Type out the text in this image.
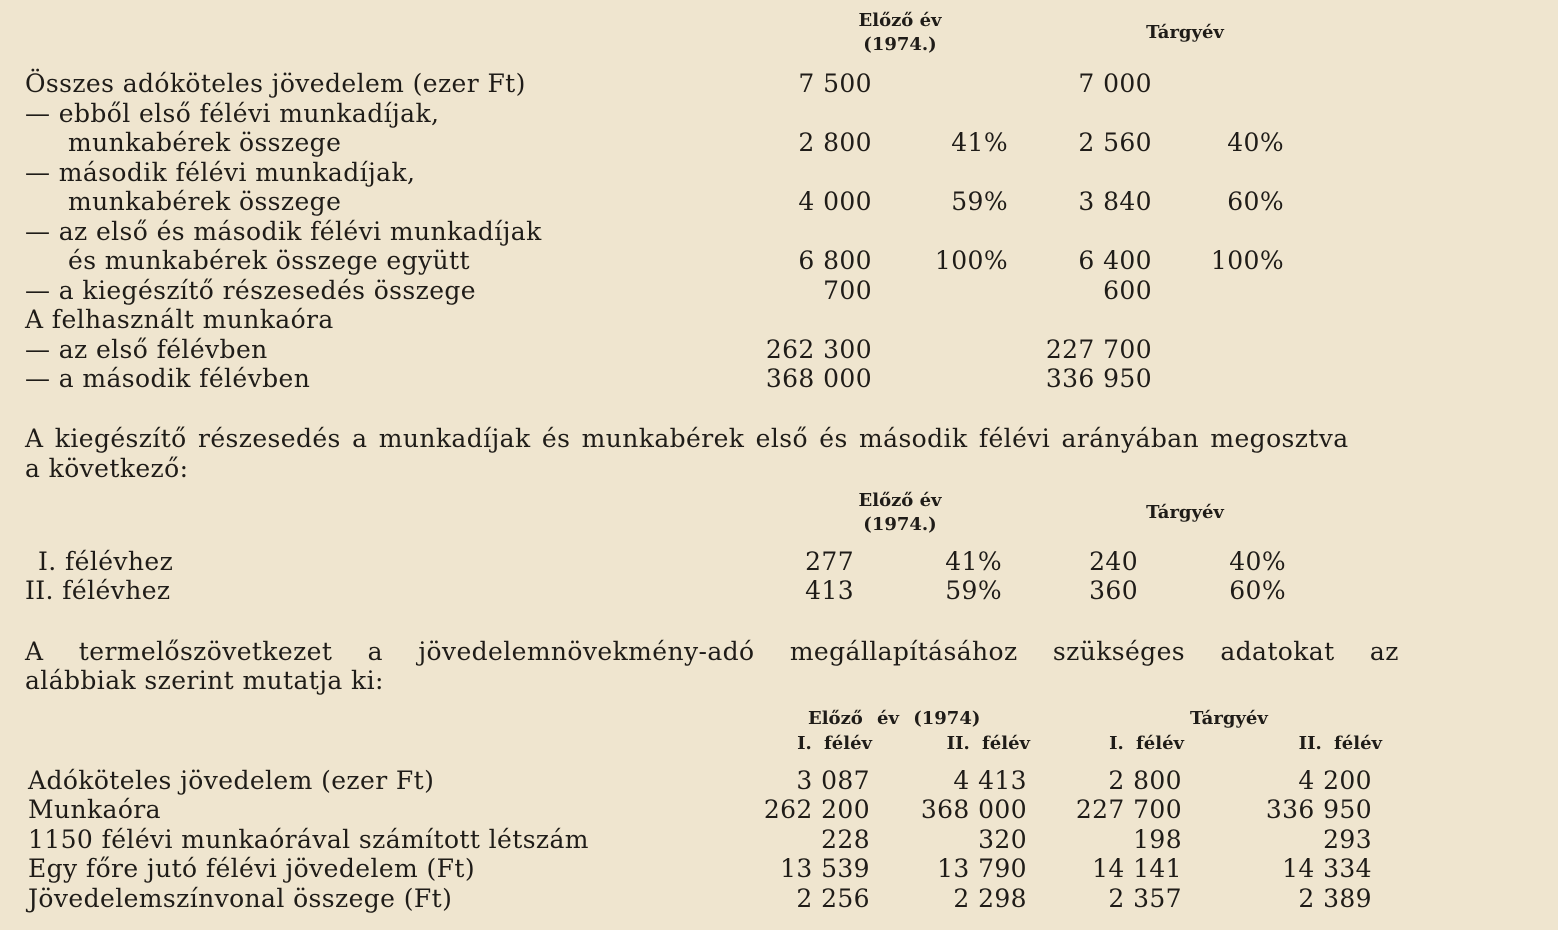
Előző év
(1974.)
Tárgyév
Összes adóköteles jövedelem (ezer Ft)	7 500	7 000
— ebből első félévi munkadíjak,
munkabérek összege	2 800	41%	2 560	40%
— második félévi munkadíjak,
munkabérek összege	4 000	59%	3 840	60%
— az első és második félévi munkadíjak
és munkabérek összege együtt	6 800	100%	6 400	100%
— a kiegészítő részesedés összege	700	600
A felhasznált munkaóra
— az első félévben	262 300	227 700
— a második félévben	368 000	336 950
A kiegészítő részesedés a munkadíjak és munkabérek első és második félévi arányában megosztva
a következő:
Előző év
(1974.)
Tárgyév
I. félévhez	277	41%	240	40%
II. félévhez	413	59%	360	60%
A termelőszövetkezet a jövedelemnövekmény-adó megállapításához szükséges adatokat az
alábbiak szerint mutatja ki:
Előző év (1974)	Tárgyév
I. félév	II. félév	I. félév	II. félév
Adóköteles jövedelem (ezer Ft)	3 087	4 413	2 800	4 200
Munkaóra	262 200	368 000	227 700	336 950
1150 félévi munkaórával számított létszám	228	320	198	293
Egy főre jutó félévi jövedelem (Ft)	13 539	13 790	14 141	14 334
Jövedelemszínvonal összege (Ft)	2 256	2 298	2 357	2 389
